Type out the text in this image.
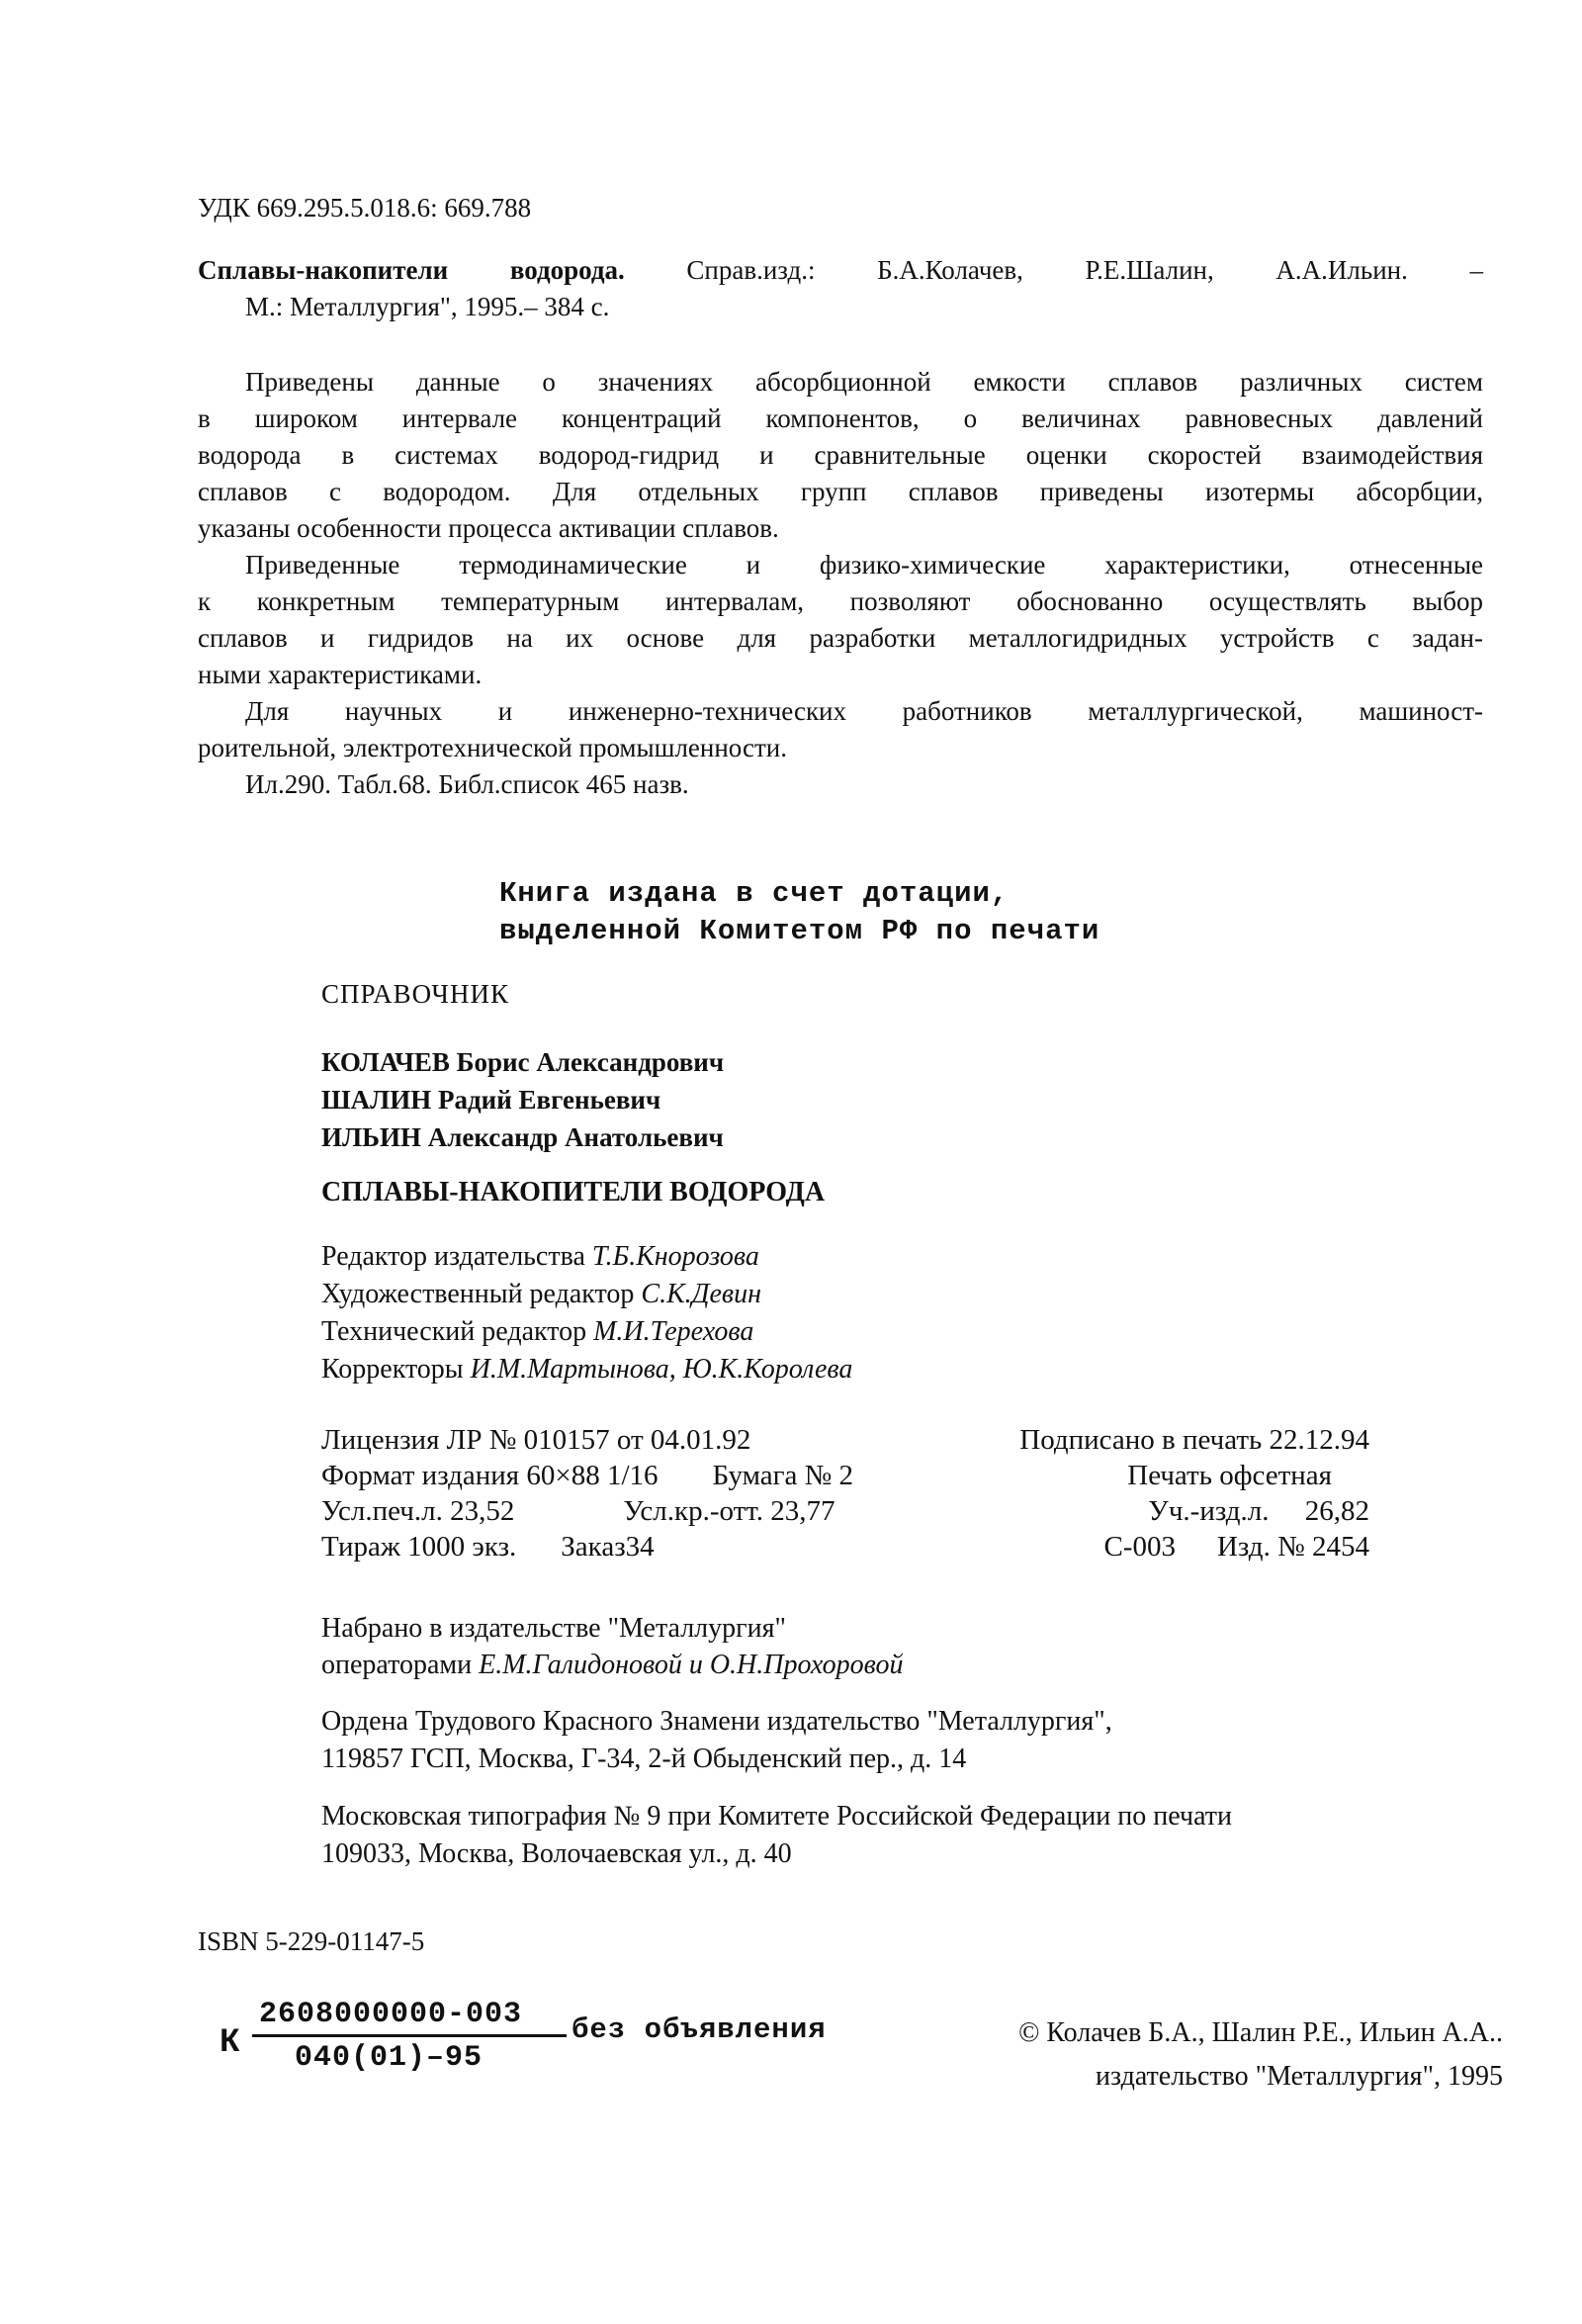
УДК 669.295.5.018.6: 669.788
Сплавы-накопители водорода. Справ.изд.: Б.А.Колачев, Р.Е.Шалин, А.А.Ильин. –
М.: Металлургия", 1995.– 384 с.
Приведены данные о значениях абсорбционной емкости сплавов различных систем
в широком интервале концентраций компонентов, о величинах равновесных давлений
водорода в системах водород-гидрид и сравнительные оценки скоростей взаимодействия
сплавов с водородом. Для отдельных групп сплавов приведены изотермы абсорбции,
указаны особенности процесса активации сплавов.
Приведенные термодинамические и физико-химические характеристики, отнесенные
к конкретным температурным интервалам, позволяют обоснованно осуществлять выбор
сплавов и гидридов на их основе для разработки металлогидридных устройств с задан-
ными характеристиками.
Для научных и инженерно-технических работников металлургической, машиност-
роительной, электротехнической промышленности.
Ил.290. Табл.68. Библ.список 465 назв.
Книга издана в счет дотации,
выделенной Комитетом РФ по печати
СПРАВОЧНИК
КОЛАЧЕВ Борис Александрович
ШАЛИН Радий Евгеньевич
ИЛЬИН Александр Анатольевич
СПЛАВЫ-НАКОПИТЕЛИ ВОДОРОДА
Редактор издательства Т.Б.Кнорозова
Художественный редактор С.К.Девин
Технический редактор М.И.Терехова
Корректоры И.М.Мартынова, Ю.К.Королева
Лицензия ЛР № 010157 от 04.01.92	Подписано в печать 22.12.94
Формат издания 60×88 1/16 Бумага № 2	Печать офсетная
Усл.печ.л. 23,52	Усл.кр.-отт. 23,77	Уч.-изд.л.     26,82
Тираж 1000 экз. Заказ34	С-003 Изд. № 2454
Набрано в издательстве "Металлургия"
операторами Е.М.Галидоновой и О.Н.Прохоровой
Ордена Трудового Красного Знамени издательство "Металлургия",
119857 ГСП, Москва, Г-34, 2-й Обыденский пер., д. 14
Московская типография № 9 при Комитете Российской Федерации по печати
109033, Москва, Волочаевская ул., д. 40
ISBN 5-229-01147-5
К
2608000000-003
040(01)–95
без объявления	© Колачев Б.А., Шалин Р.Е., Ильин А.А..
издательство "Металлургия", 1995
